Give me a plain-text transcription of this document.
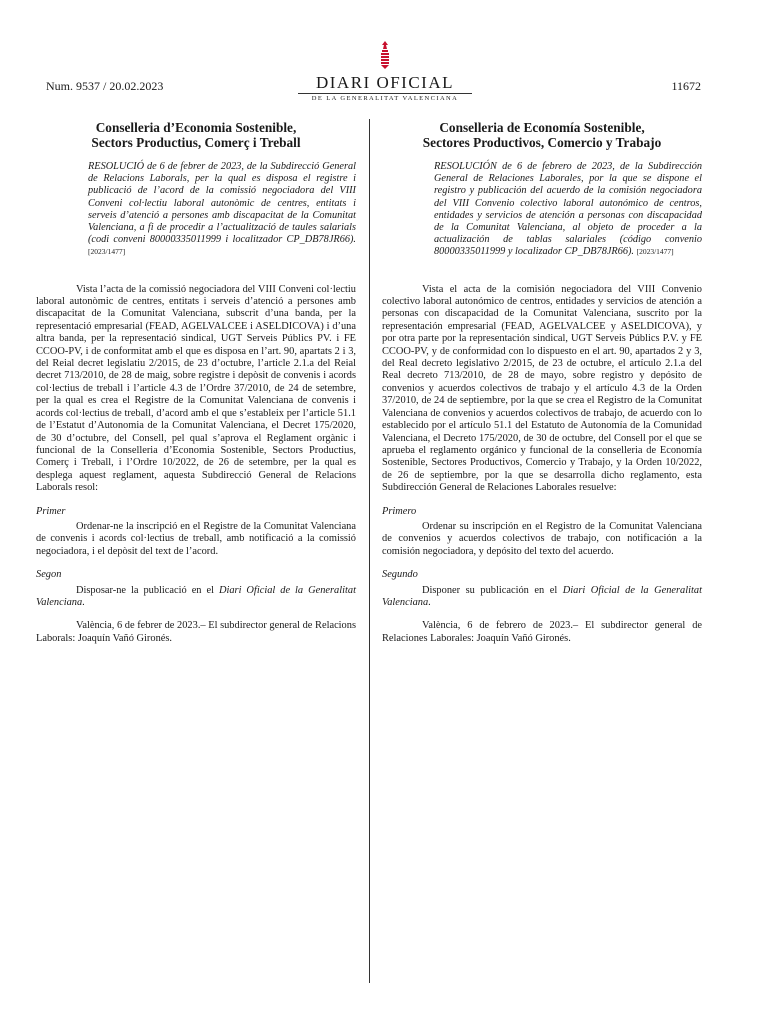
Num. 9537 / 20.02.2023	DIARI OFICIAL
DE LA GENERALITAT VALENCIANA
11672
Conselleria d’Economia Sostenible,
Sectors Productius, Comerç i Treball

RESOLUCIÓ de 6 de febrer de 2023, de la Subdirecció General de Relacions Laborals, per la qual es disposa el registre i publicació de l’acord de la comissió negociadora del VIII Conveni col·lectiu laboral autonòmic de centres, entitats i serveis d’atenció a persones amb discapacitat de la Comunitat Valenciana, a fi de procedir a l’actualització de taules salarials (codi conveni 80000335011999 i localitzador CP_DB78JR66). [2023/1477]

Vista l’acta de la comissió negociadora del VIII Conveni col·lectiu laboral autonòmic de centres, entitats i serveis d’atenció a persones amb discapacitat de la Comunitat Valenciana, subscrit d’una banda, per la representació empresarial (FEAD, AGELVALCEE i ASELDICOVA) i d’una altra banda, per la representació sindical, UGT Serveis Públics PV. i FE CCOO-PV, i de conformitat amb el que es disposa en l’art. 90, apartats 2 i 3, del Reial decret legislatiu 2/2015, de 23 d’octubre, l’article 2.1.a del Reial decret 713/2010, de 28 de maig, sobre registre i depòsit de convenis i acords col·lectius de treball i l’article 4.3 de l’Ordre 37/2010, de 24 de setembre, per la qual es crea el Registre de la Comunitat Valenciana de convenis i acords col·lectius de treball, d’acord amb el que s’estableix per l’article 51.1 de l’Estatut d’Autonomia de la Comunitat Valenciana, el Decret 175/2020, de 30 d’octubre, del Consell, pel qual s’aprova el Reglament orgànic i funcional de la Conselleria d’Economia Sostenible, Sectors Productius, Comerç i Treball, i l’Ordre 10/2022, de 26 de setembre, per la qual es desplega aquest reglament, aquesta Subdirecció General de Relacions Laborals resol:

Primer

Ordenar-ne la inscripció en el Registre de la Comunitat Valenciana de convenis i acords col·lectius de treball, amb notificació a la comissió negociadora, i el depòsit del text de l’acord.

Segon

Disposar-ne la publicació en el Diari Oficial de la Generalitat Valenciana.

València, 6 de febrer de 2023.– El subdirector general de Relacions Laborals: Joaquín Vañó Gironés.

Conselleria de Economía Sostenible,
Sectores Productivos, Comercio y Trabajo

RESOLUCIÓN de 6 de febrero de 2023, de la Subdirección General de Relaciones Laborales, por la que se dispone el registro y publicación del acuerdo de la comisión negociadora del VIII Convenio colectivo laboral autonómico de centros, entidades y servicios de atención a personas con discapacidad de la Comunitat Valenciana, al objeto de proceder a la actualización de tablas salariales (código convenio 80000335011999 y localizador CP_DB78JR66). [2023/1477]

Vista el acta de la comisión negociadora del VIII Convenio colectivo laboral autonómico de centros, entidades y servicios de atención a personas con discapacidad de la Comunitat Valenciana, suscrito por la representación empresarial (FEAD, AGELVALCEE y ASELDICOVA), y por otra parte por la representación sindical, UGT Serveis Públics P.V. y FE CCOO-PV, y de conformidad con lo dispuesto en el art. 90, apartados 2 y 3, del Real decreto legislativo 2/2015, de 23 de octubre, el artículo 2.1.a del Real decreto 713/2010, de 28 de mayo, sobre registro y depósito de convenios y acuerdos colectivos de trabajo y el artículo 4.3 de la Orden 37/2010, de 24 de septiembre, por la que se crea el Registro de la Comunitat Valenciana de convenios y acuerdos colectivos de trabajo, de acuerdo con lo establecido por el artículo 51.1 del Estatuto de Autonomía de la Comunidad Valenciana, el Decreto 175/2020, de 30 de octubre, del Consell por el que se aprueba el reglamento orgánico y funcional de la conselleria de Economía Sostenible, Sectores Productivos, Comercio y Trabajo, y la Orden 10/2022, de 26 de septiembre, por la que se desarrolla dicho reglamento, esta Subdirección General de Relaciones Laborales resuelve:

Primero

Ordenar su inscripción en el Registro de la Comunitat Valenciana de convenios y acuerdos colectivos de trabajo, con notificación a la comisión negociadora, y depósito del texto del acuerdo.

Segundo

Disponer su publicación en el Diari Oficial de la Generalitat Valenciana.

València, 6 de febrero de 2023.– El subdirector general de Relaciones Laborales: Joaquín Vañó Gironés.
